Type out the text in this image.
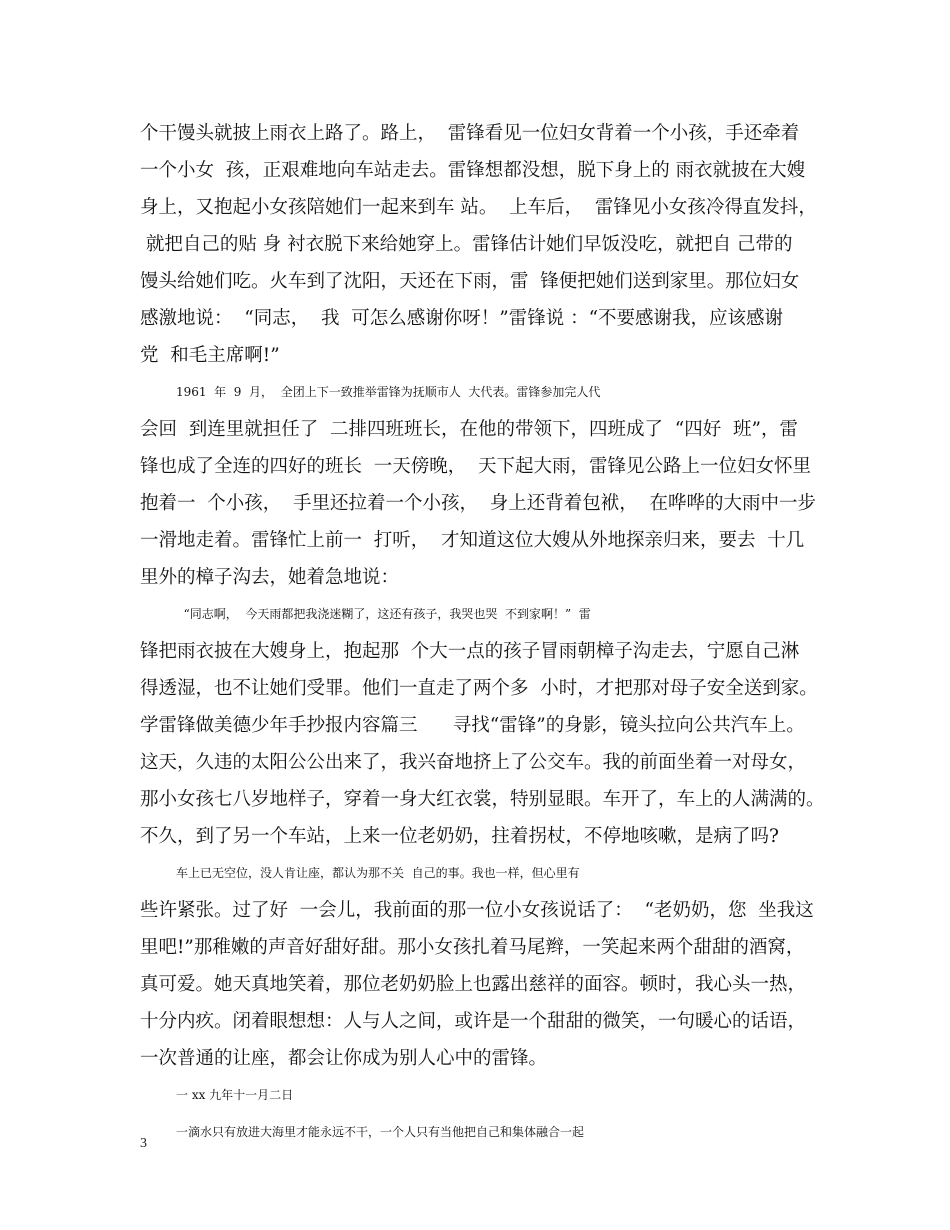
个干馒头就披上雨衣上路了。路上，  雷锋看见一位妇女背着一个小孩，手还牵着
一个小女  孩，正艰难地向车站走去。雷锋想都没想，脱下身上的 雨衣就披在大嫂
身上，又抱起小女孩陪她们一起来到车 站。  上车后，  雷锋见小女孩冷得直发抖，
就把自己的贴 身 衬衣脱下来给她穿上。雷锋估计她们早饭没吃，就把自 己带的
馒头给她们吃。火车到了沈阳，天还在下雨，雷  锋便把她们送到家里。那位妇女
感激地说：  “同志，  我  可怎么感谢你呀！”雷锋说 ：“不要感谢我，应该感谢
党  和毛主席啊!”
1961  年  9  月，  全团上下一致推举雷锋为抚顺市人  大代表。雷锋参加完人代
会回  到连里就担任了  二排四班班长，在他的带领下，四班成了  “四好  班”，雷
锋也成了全连的四好的班长  一天傍晚，  天下起大雨，雷锋见公路上一位妇女怀里
抱着一  个小孩，  手里还拉着一个小孩，  身上还背着包袱，  在哗哗的大雨中一步
一滑地走着。雷锋忙上前一  打听，  才知道这位大嫂从外地探亲归来，要去  十几
里外的樟子沟去，她着急地说：
“同志啊，  今天雨都把我浇迷糊了，这还有孩子，我哭也哭  不到家啊！”  雷
锋把雨衣披在大嫂身上，抱起那  个大一点的孩子冒雨朝樟子沟走去，宁愿自己淋
得透湿，也不让她们受罪。他们一直走了两个多  小时，才把那对母子安全送到家。
学雷锋做美德少年手抄报内容篇三      寻找“雷锋”的身影，镜头拉向公共汽车上。
这天，久违的太阳公公出来了，我兴奋地挤上了公交车。我的前面坐着一对母女，
那小女孩七八岁地样子，穿着一身大红衣裳，特别显眼。车开了，车上的人满满的。
不久，到了另一个车站，上来一位老奶奶，拄着拐杖，不停地咳嗽，是病了吗?
车上已无空位，没人肯让座，都认为那不关  自己的事。我也一样，但心里有
些许紧张。过了好  一会儿，我前面的那一位小女孩说话了：  “老奶奶，您  坐我这
里吧!”那稚嫩的声音好甜好甜。那小女孩扎着马尾辫，一笑起来两个甜甜的酒窝，
真可爱。她天真地笑着，那位老奶奶脸上也露出慈祥的面容。顿时，我心头一热，
十分内疚。闭着眼想想：人与人之间，或许是一个甜甜的微笑，一句暖心的话语，
一次普通的让座，都会让你成为别人心中的雷锋。
一 xx 九年十一月二日
一滴水只有放进大海里才能永远不干，一个人只有当他把自己和集体融合一起
3
